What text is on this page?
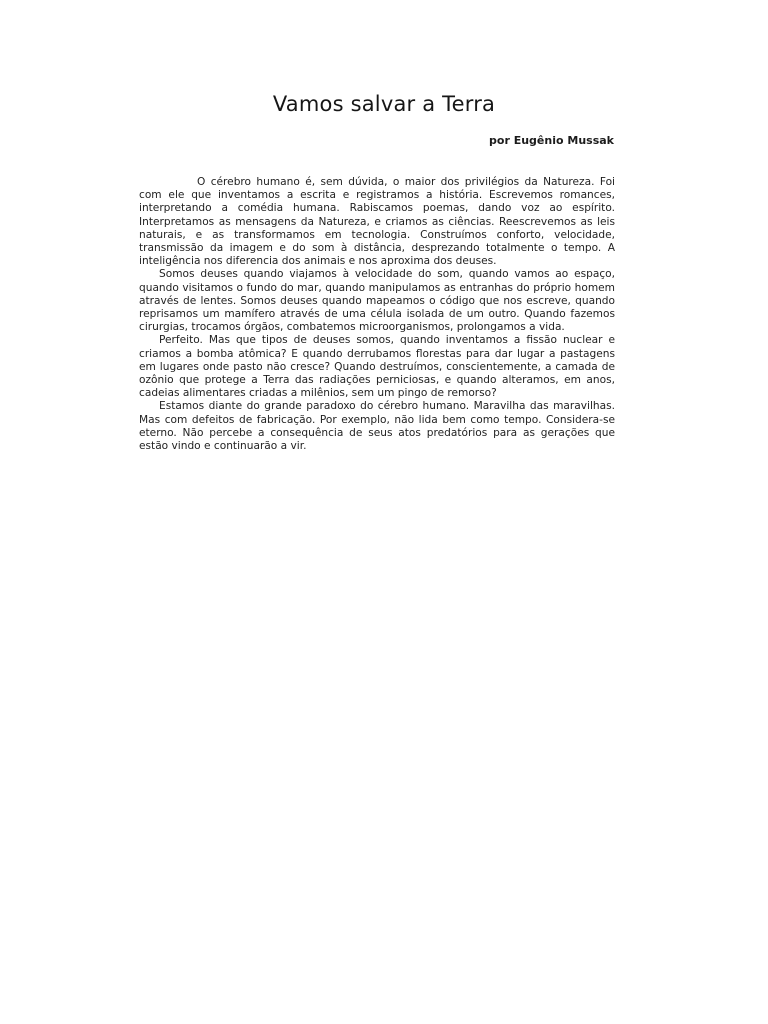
Vamos salvar a Terra
por Eugênio Mussak

O cérebro humano é, sem dúvida, o maior dos privilégios da Natureza. Foi com ele que inventamos a escrita e registramos a história. Escrevemos romances, interpretando a comédia humana. Rabiscamos poemas, dando voz ao espírito. Interpretamos as mensagens da Natureza, e criamos as ciências. Reescrevemos as leis naturais, e as transformamos em tecnologia. Construímos conforto, velocidade, transmissão da imagem e do som à distância, desprezando totalmente o tempo. A inteligência nos diferencia dos animais e nos aproxima dos deuses.

Somos deuses quando viajamos à velocidade do som, quando vamos ao espaço, quando visitamos o fundo do mar, quando manipulamos as entranhas do próprio homem através de lentes. Somos deuses quando mapeamos o código que nos escreve, quando reprisamos um mamífero através de uma célula isolada de um outro. Quando fazemos cirurgias, trocamos órgãos, combatemos microorganismos, prolongamos a vida.

Perfeito. Mas que tipos de deuses somos, quando inventamos a fissão nuclear e criamos a bomba atômica? E quando derrubamos florestas para dar lugar a pastagens em lugares onde pasto não cresce? Quando destruímos, conscientemente, a camada de ozônio que protege a Terra das radiações perniciosas, e quando alteramos, em anos, cadeias alimentares criadas a milênios, sem um pingo de remorso?

Estamos diante do grande paradoxo do cérebro humano. Maravilha das maravilhas. Mas com defeitos de fabricação. Por exemplo, não lida bem como tempo. Considera-se eterno. Não percebe a consequência de seus atos predatórios para as gerações que estão vindo e continuarão a vir.
